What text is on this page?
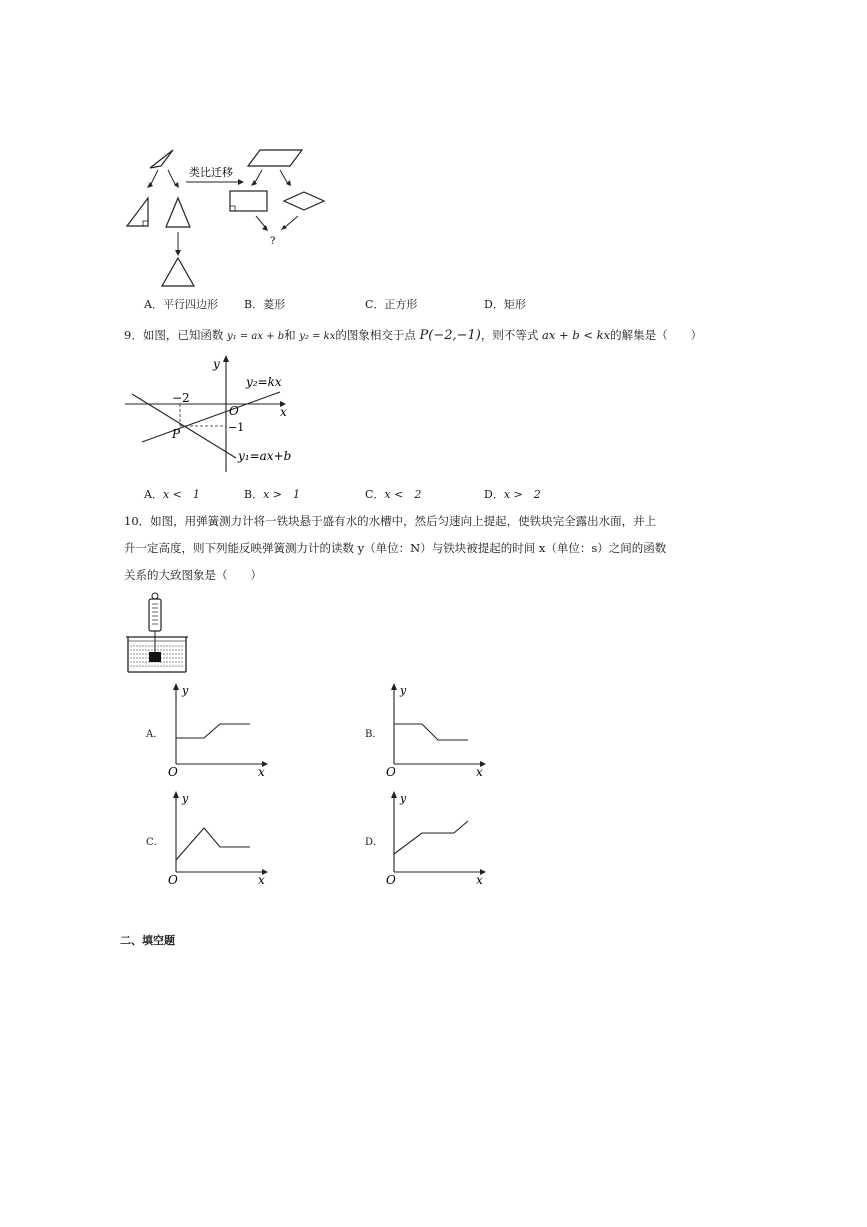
类比迁移
?
A．平行四边形 B．菱形	C．正方形	D．矩形
9．如图，已知函数 y₁ = ax + b和 y₂ = kx的图象相交于点 P(−2,−1)，则不等式 ax + b < kx的解集是（　　）
x
y
O
−2
−1
P
y₂=kx
y₁=ax+b
A．x <　1	B．x >　1	C．x <　2	D．x >　2
10．如图，用弹簧测力计将一铁块悬于盛有水的水槽中，然后匀速向上提起，使铁块完全露出水面，并上
升一定高度，则下列能反映弹簧测力计的读数 y（单位：N）与铁块被提起的时间 x（单位：s）之间的函数
关系的大致图象是（　　）
A．
y
x
O
B．
y
x
O
C．
y
x
O
D．
y
x
O
二、填空题
